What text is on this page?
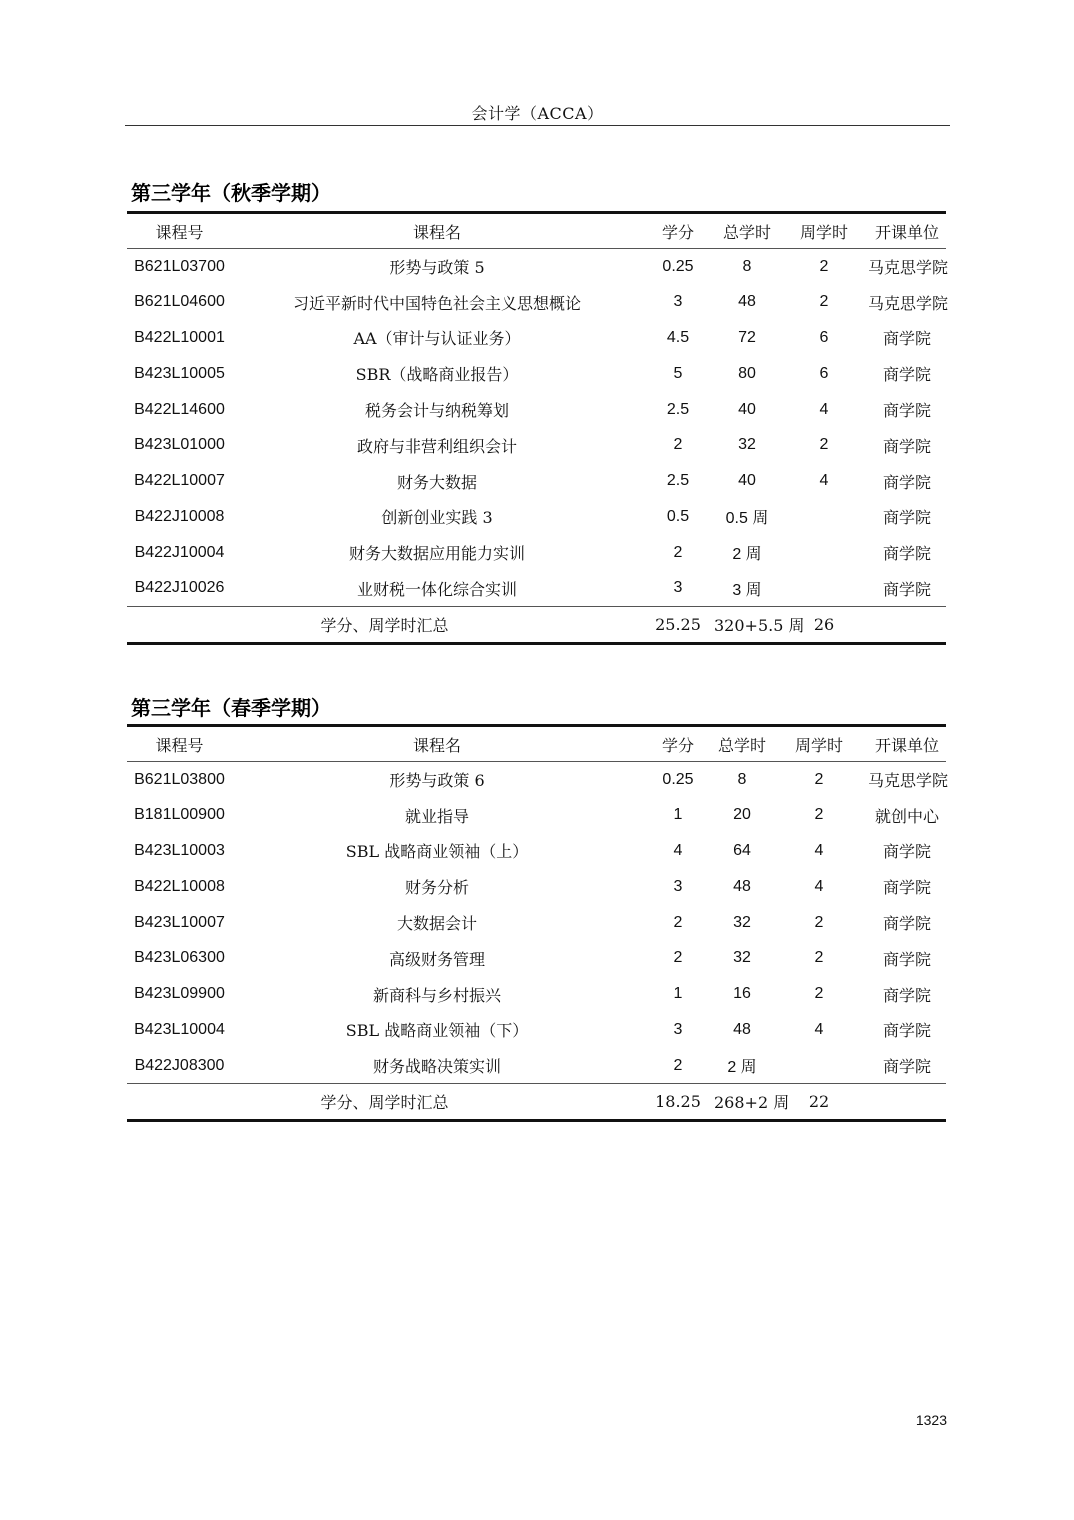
会计学（ACCA）
第三学年（秋季学期）
课程号	课程名	学分	总学时	周学时	开课单位
B621L03700	形势与政策 5	0.25	8	2	马克思学院
B621L04600	习近平新时代中国特色社会主义思想概论	3	48	2	马克思学院
B422L10001	AA（审计与认证业务）	4.5	72	6	商学院
B423L10005	SBR（战略商业报告）	5	80	6	商学院
B422L14600	税务会计与纳税筹划	2.5	40	4	商学院
B423L01000	政府与非营利组织会计	2	32	2	商学院
B422L10007	财务大数据	2.5	40	4	商学院
B422J10008	创新创业实践 3	0.5	0.5 周		商学院
B422J10004	财务大数据应用能力实训	2	2 周		商学院
B422J10026	业财税一体化综合实训	3	3 周		商学院
学分、周学时汇总		25.25	320+5.5 周	26	
第三学年（春季学期）
课程号	课程名	学分	总学时	周学时	开课单位
B621L03800	形势与政策 6	0.25	8	2	马克思学院
B181L00900	就业指导	1	20	2	就创中心
B423L10003	SBL 战略商业领袖（上）	4	64	4	商学院
B422L10008	财务分析	3	48	4	商学院
B423L10007	大数据会计	2	32	2	商学院
B423L06300	高级财务管理	2	32	2	商学院
B423L09900	新商科与乡村振兴	1	16	2	商学院
B423L10004	SBL 战略商业领袖（下）	3	48	4	商学院
B422J08300	财务战略决策实训	2	2 周		商学院
学分、周学时汇总		18.25	268+2 周	22	
1323
